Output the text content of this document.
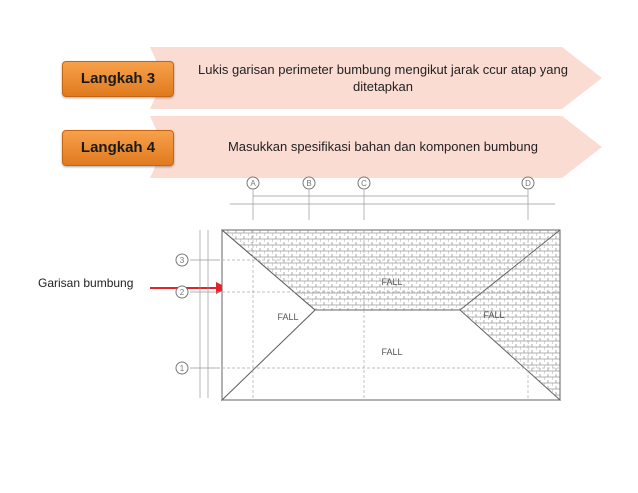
Langkah 3
Lukis garisan perimeter bumbung mengikut jarak ccur atap yang ditetapkan
Langkah 4	Masukkan spesifikasi bahan dan komponen bumbung
Garisan bumbung
A	B	C	D
3
2
1
FALL
FALL
FALL
FALL
